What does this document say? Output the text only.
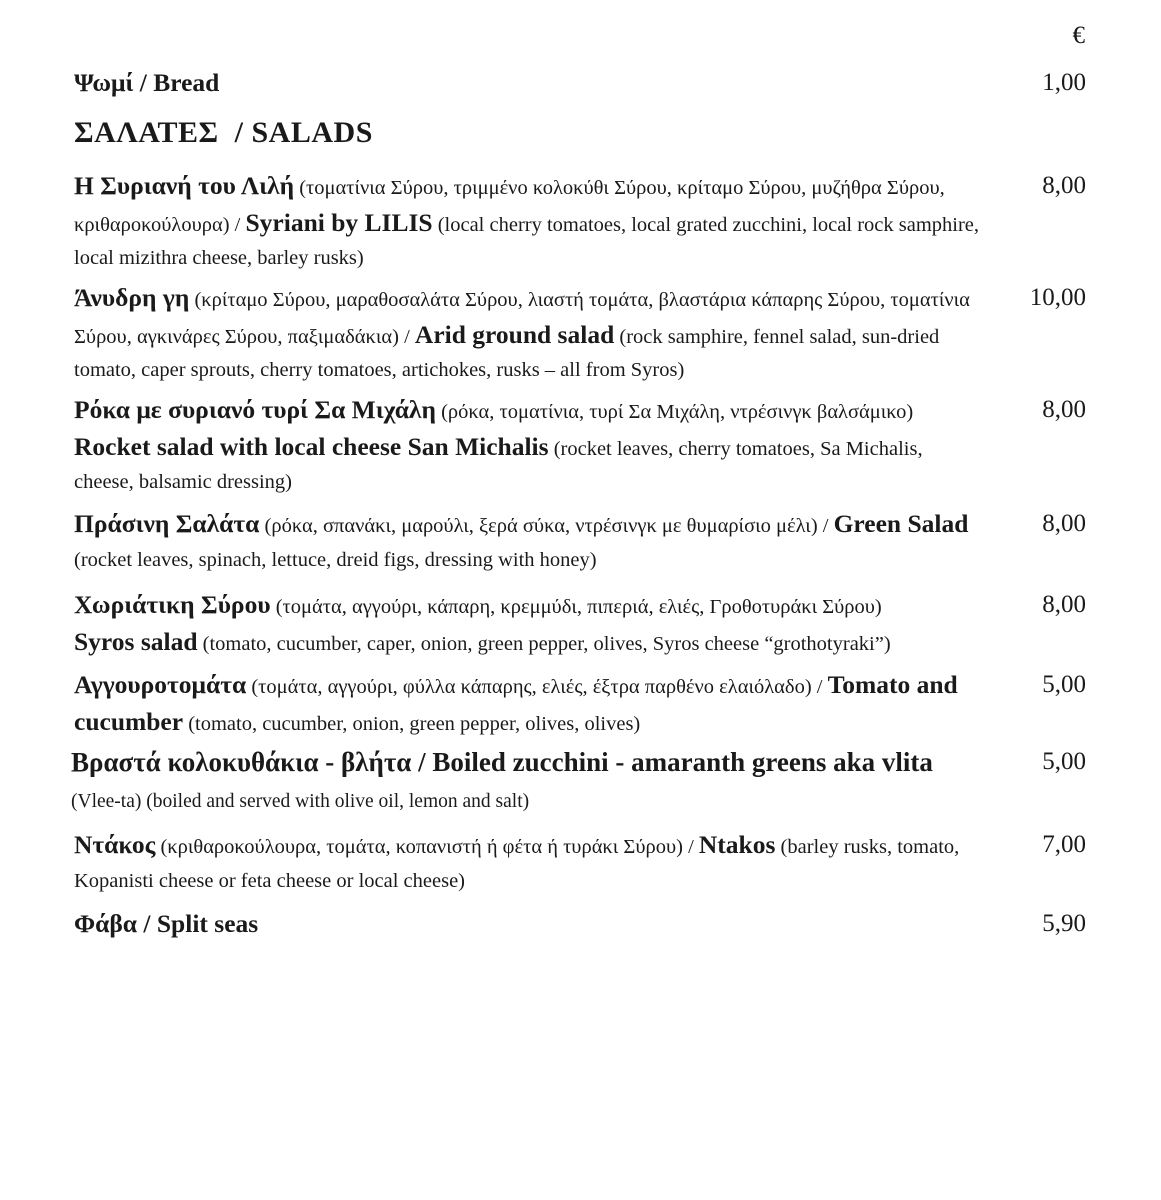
€
Ψωμί / Bread	1,00
ΣΑΛΑΤΕΣ  / SALADS
Η Συριανή του Λιλή (τοματίνια Σύρου, τριμμένο κολοκύθι Σύρου, κρίταμο Σύρου, μυζήθρα Σύρου, κριθαροκούλουρα) / Syriani by LILIS (local cherry tomatoes, local grated zucchini, local rock samphire, local mizithra cheese, barley rusks)
8,00
Άνυδρη γη (κρίταμο Σύρου, μαραθοσαλάτα Σύρου, λιαστή τομάτα, βλαστάρια κάπαρης Σύρου, τοματίνια Σύρου, αγκινάρες Σύρου, παξιμαδάκια) / Arid ground salad (rock samphire, fennel salad, sun-dried tomato, caper sprouts, cherry tomatoes, artichokes, rusks – all from Syros)
10,00
Ρόκα με συριανό τυρί Σα Μιχάλη (ρόκα, τοματίνια, τυρί Σα Μιχάλη, ντρέσινγκ βαλσάμικο)
Rocket salad with local cheese San Michalis (rocket leaves, cherry tomatoes, Sa Michalis, cheese, balsamic dressing)
8,00
Πράσινη Σαλάτα (ρόκα, σπανάκι, μαρούλι, ξερά σύκα, ντρέσινγκ με θυμαρίσιο μέλι) / Green Salad (rocket leaves, spinach, lettuce, dreid figs, dressing with honey)
8,00
Χωριάτικη Σύρου (τομάτα, αγγούρι, κάπαρη, κρεμμύδι, πιπεριά, ελιές, Γροθοτυράκι Σύρου)
Syros salad (tomato, cucumber, caper, onion, green pepper, olives, Syros cheese “grothotyraki”)
8,00
Αγγουροτομάτα (τομάτα, αγγούρι, φύλλα κάπαρης, ελιές, έξτρα παρθένο ελαιόλαδο) / Tomato and cucumber (tomato, cucumber, onion, green pepper, olives, olives)
5,00
Βραστά κολοκυθάκια - βλήτα / Boiled zucchini - amaranth greens aka vlita
(Vlee-ta) (boiled and served with olive oil, lemon and salt)
5,00
Ντάκος (κριθαροκούλουρα, τομάτα, κοπανιστή ή φέτα ή τυράκι Σύρου) / Ntakos (barley rusks, tomato, Kopanisti cheese or feta cheese or local cheese)
7,00
Φάβα / Split seas	5,90
